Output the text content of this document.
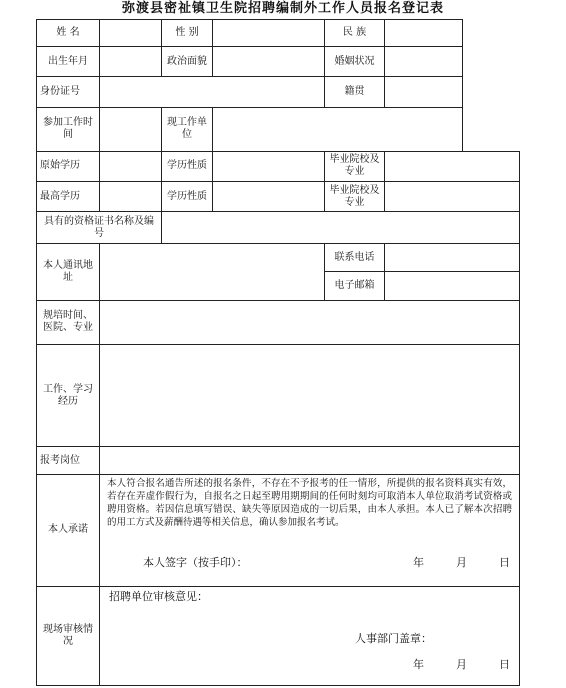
弥渡县密祉镇卫生院招聘编制外工作人员报名登记表
姓 名		性 别		民 族		
出生年月		政治面貌		婚姻状况		
身份证号				籍贯		
参加工作时间		现工作单位				
原始学历		学历性质		毕业院校及专业		
最高学历		学历性质		毕业院校及专业		
具有的资格证书名称及编号						
本人通讯地址				联系电话		
				电子邮箱		
规培时间、医院、专业						
工作、学习经历						
报考岗位						
本人承诺	本人符合报名通告所述的报名条件，不存在不予报考的任一情形，所提供的报名资料真实有效，若存在弄虚作假行为，自报名之日起至聘用期期间的任何时刻均可取消本人单位取消考试资格或聘用资格。若因信息填写错误、缺失等原因造成的一切后果，由本人承担。本人已了解本次招聘的用工方式及薪酬待遇等相关信息，确认参加报名考试。
本人签字（按手印）： 年 月 日					

现场审核情况	招聘单位审核意见：
人事部门盖章：
年 月 日					
